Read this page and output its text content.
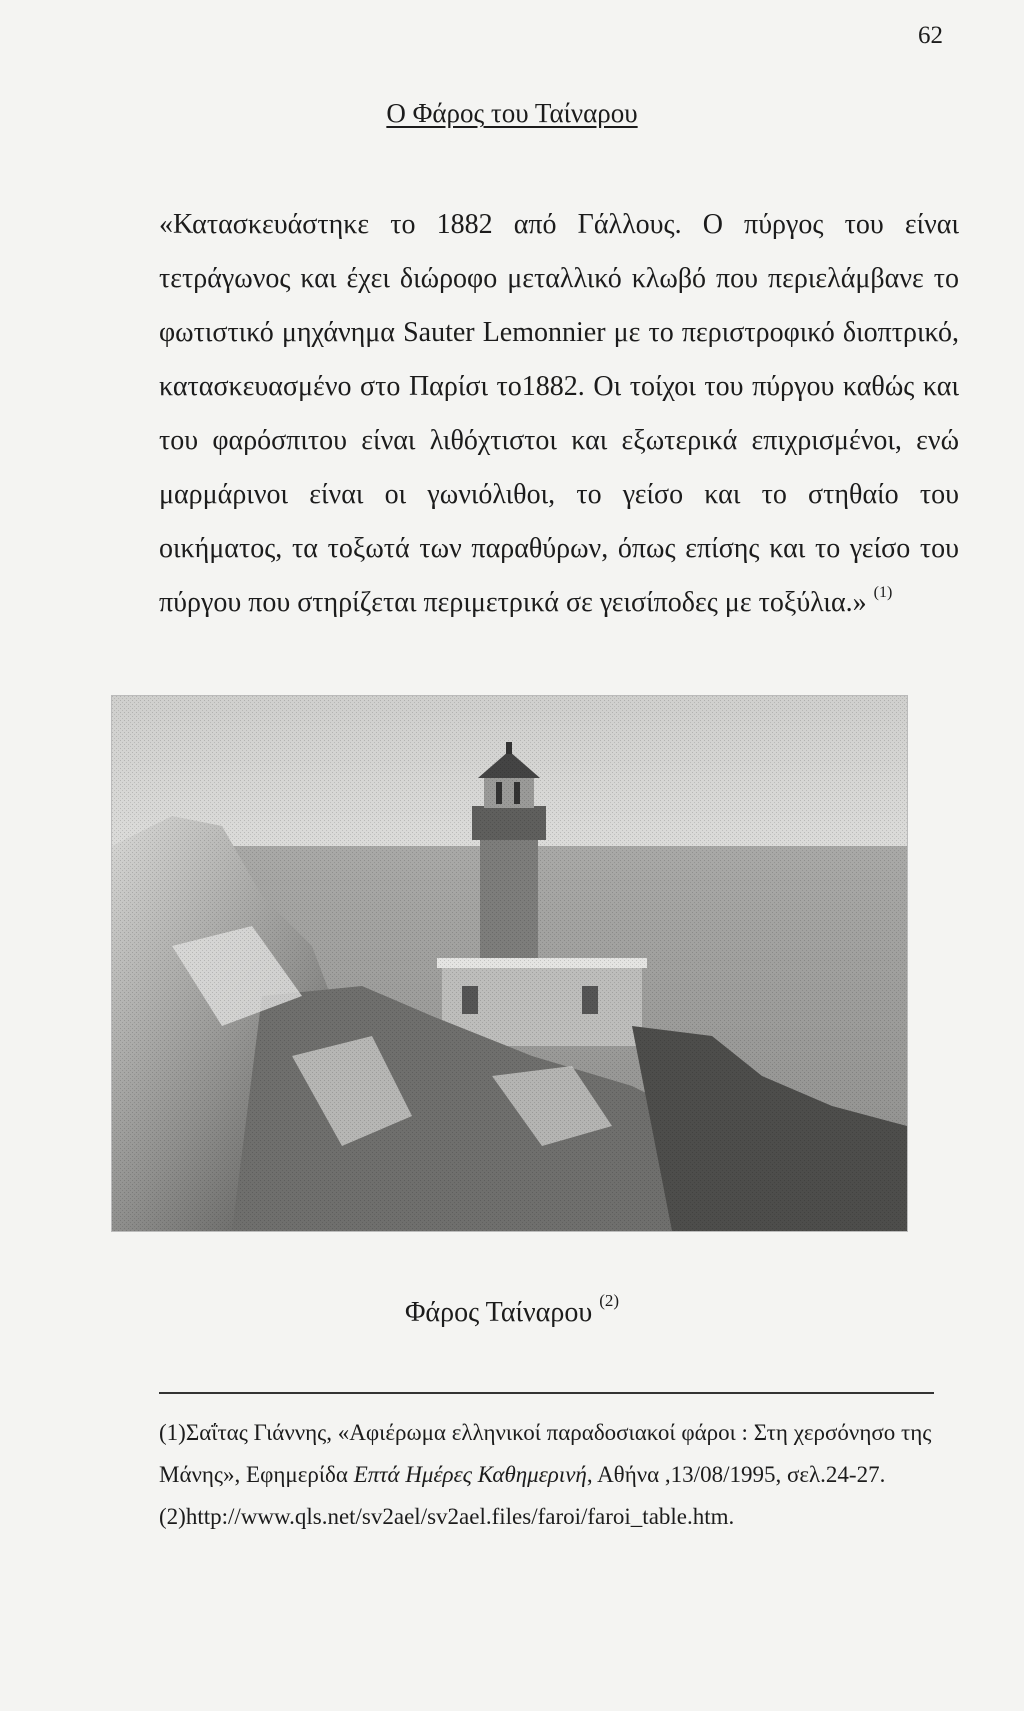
62
Ο Φάρος του Ταίναρου

«Κατασκευάστηκε το 1882 από Γάλλους. Ο πύργος του είναι τετράγωνος και έχει διώροφο μεταλλικό κλωβό που περιελάμβανε το φωτιστικό μηχάνημα Sauter Lemonnier με το περιστροφικό διοπτρικό, κατασκευασμένο στο Παρίσι το1882. Οι τοίχοι του πύργου καθώς και του φαρόσπιτου είναι λιθόχτιστοι και εξωτερικά επιχρισμένοι, ενώ μαρμάρινοι είναι οι γωνιόλιθοι, το γείσο και το στηθαίο του οικήματος, τα τοξωτά των παραθύρων, όπως επίσης και το γείσο του πύργου που στηρίζεται περιμετρικά σε γεισίποδες με τοξύλια.» $^{(1)}$

Φάρος Ταίναρου $^{(2)}$

(1)Σαΐτας Γιάννης, «Αφιέρωμα ελληνικοί παραδοσιακοί φάροι : Στη χερσόνησο της Μάνης», Εφημερίδα Επτά Ημέρες Καθημερινή, Αθήνα ,13/08/1995, σελ.24-27.

(2)http://www.qls.net/sv2ael/sv2ael.files/faroi/faroi_table.htm.
